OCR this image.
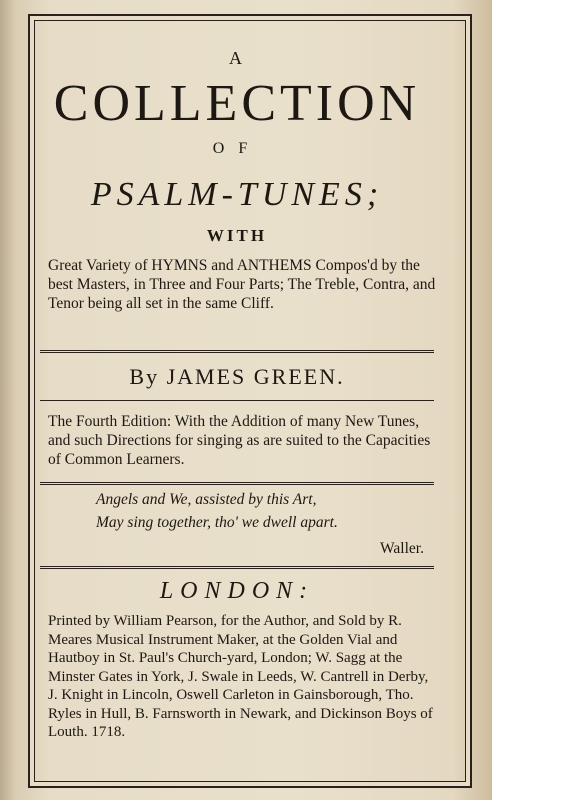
A
COLLECTION
OF
PSALM-TUNES;
WITH
Great Variety of HYMNS and ANTHEMS Compos'd by the best Masters, in Three and Four Parts; The Treble, Contra, and Tenor being all set in the same Cliff.
By JAMES GREEN.
The Fourth Edition: With the Addition of many New Tunes, and such Directions for singing as are suited to the Capacities of Common Learners.
Angels and We, assisted by this Art,
May sing together, tho' we dwell apart.
Waller.
LONDON:
Printed by William Pearson, for the Author, and Sold by R. Meares Musical Instrument Maker, at the Golden Vial and Hautboy in St. Paul's Church-yard, London; W. Sagg at the Minster Gates in York, J. Swale in Leeds, W. Cantrell in Derby, J. Knight in Lincoln, Oswell Carleton in Gainsborough, Tho. Ryles in Hull, B. Farnsworth in Newark, and Dickinson Boys of Louth. 1718.
